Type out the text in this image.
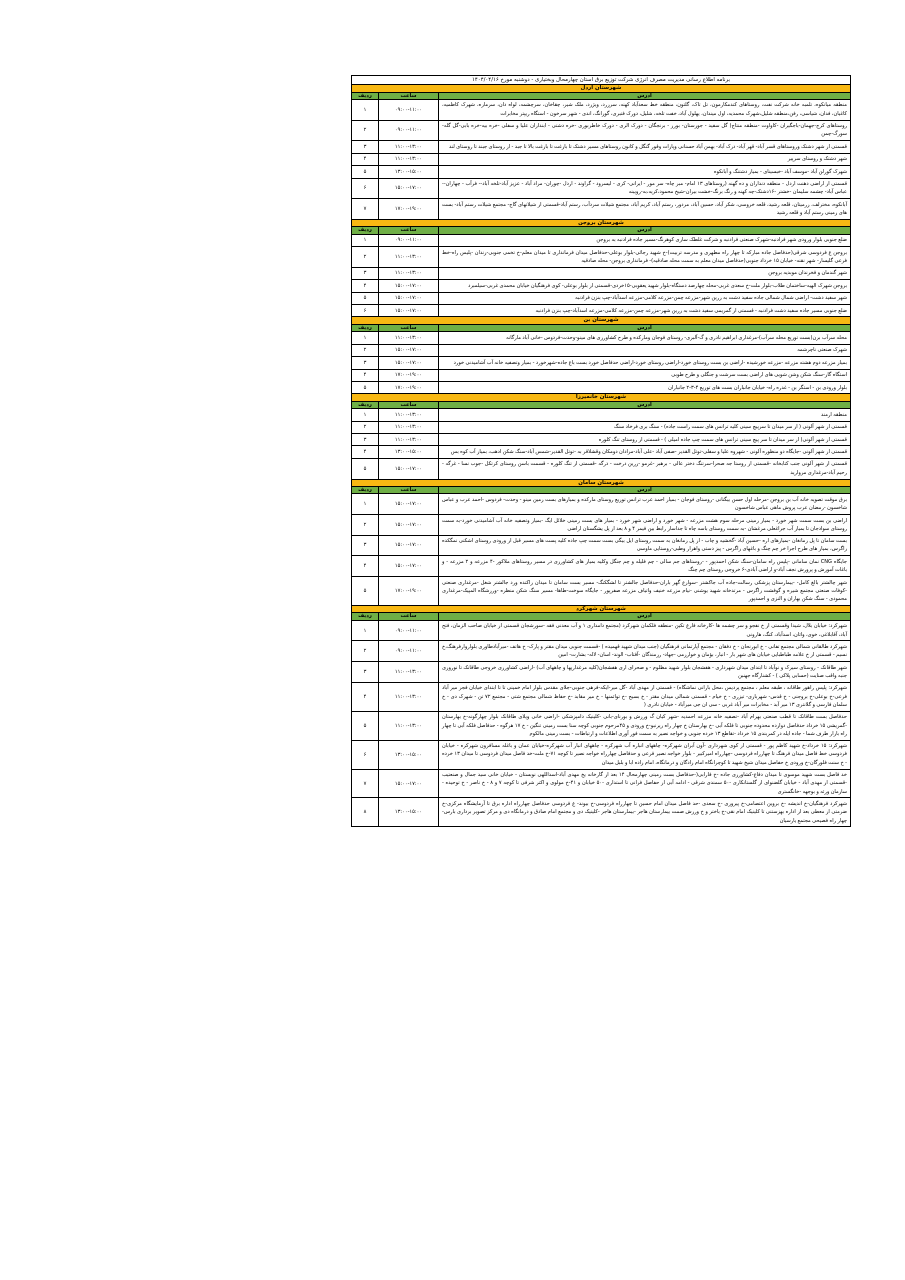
برنامه اطلاع رسانی مدیریت مصرف انرژی شرکت توزیع برق استان چهارمحال وبختیاری - دوشنبه مورخ ۱۴۰۴/۰۴/۱۶		
شهرستان اردل		
آدرس	ساعت	ردیف
منطقه میانکوه، تلمبه خانه شرکت نفت، روستاهای کندمکارمون، تل تاک، گلتون، منطقه خط سعدآباد کهنه، سرزرد، ویژزد، ملک شیر، چقاخان، سرچشمه، لواه دان، سرمازه، شهرک کاظمیه، کاغیان، فدان، شیاسی، رفن،منطقه شلیل،شهرک محمدیه، اول میندان، یهلول آباد، خفت تلخه، شلیل، دورک فتبری، گوزانگ، اندی - شهر سرخون - استگاه ریپتر مخابرات	۰۹:۰۰-۱۱:۰۰	۱
روستاهای کرج-جهمان-باجگیران -کاواوت -منطقه منتاج( گل سفید - جوزستان- بورز - برنجگان - دورک الری - دورک خاطربوری -خره دشتی - ابندازان علیا و سفلی -خره بیه-خره بابی-گل گله-سورگ-چمن	۰۹:۰۰-۱۱:۰۰	۲
قسمتی از شهر دشتک وروستاهای قسر آباد- قهر آباد- دزک آباد- بهمن آباد حسنانی وپازات وقور گنگل و کانون روستاهای مسیر دشتک تا بازغت تا بازغت بالا تا جبد - از روستای جبند تا روستای لند	۱۱:۰۰-۱۳:۰۰	۳
شهر دشتک و روستای سرپیر	۱۱:۰۰-۱۳:۰۰	۴
شهرک گورلن آباد -موسف آباد -خبسینای - بمیاز دشتنگ و آبانکوه	۱۳:۰۰-۱۵:۰۰	۵
قسمتی از اراضی دهنت اردل - منطقه دنداران و ده گهنه (روستاهای ۱۳ امام- مبر چاه- سر مور - ایرانی- کری - لیسرود - گراوند - اردل -چوران- مراد آباد - عزیز آباد-تلخه آباد-- فرآب - چهاران-- عباس آباد- چشمه سلیمان -خشتر -۱۶دشتک-چه کهنه و رنگ برنگ-خشت بیران-شیخ محمود،کریه،به-رویبنه	۱۵:۰۰-۱۷:۰۰	۶
آبانکوه، مخترلف، زرمیتان، قلعه رشید، قلعه خروسی، شکر آباد، حسین آباد، مردور، رستم آباد، کریم آباد، مجتمع شیلات سردآب، رستم آباد-قسمتی از شیلاتهای گاج- مجتمع شیلات رستم آباد- بست های زمینی رستم آباد و قلعه رشید	۱۷:۰۰-۱۹:۰۰	۷
شهرستان بروجن		
آدرس	ساعت	ردیف
ضلع جنوبی بلوار ورودی شهر فرادنبه-شهرک صنعتی فرادنبه و شرکت غلطک سازی کوهرنگ-مسیر جاده فرادنبه به بروجن	۰۹:۰۰-۱۱:۰۰	۱
بروجن غ فردوسی شرقی(حدفاصل جاده مبارکه تا چهار راه مطهری و مدرسه تربیت)-خ شهید رجائی-بلوار بوعلی-حدفاصل میدان فرمانداری تا میدان معلم-خ تخمی جنوبی-زندان -پلیس راه-خط فرعی گلیسار- شهر نقنه- خیابان ۱۵ خرداد جنوبی(حدفاصل میدان معلم به سمت محله صادقیه)- فرمانداری بروجن- محله صادقیه	۱۱:۰۰-۱۳:۰۰	۲
شهر گندمان و فخرندان موبدیه بروجن	۱۱:۰۰-۱۳:۰۰	۳
بروجن شهرک الهیه-ساختمان طلاب-بلوار ملت-خ سعدی غربی-محله چهارصد دستگاه-بلوار شهید یعقوبی-۱۵خردی-قسمتی از بلوار بوعلی- کوی فرهنگیان خیابان محمدی غربی-سیلمبرد	۱۵:۰۰-۱۷:۰۰	۴
شهر سفید دشت- اراضی شمال شمالی جاده سفید دشت به زرین شهر-مزرعه چمن-مزرعه کلامی-مزرعه اسدآباد-چپ بنزن فرادنبه	۱۵:۰۰-۱۷:۰۰	۵
ضلع جنوبی مسیر جاده سفید دشت فرادنبه - قسمتی از گمریمی سفید دشت به زرین شهر-مزرعه چمن-مزرعه کلامی-مزرعه اسدآباد-چپ بنزن فرادنبه	۱۵:۰۰-۱۷:۰۰	۶
شهرستان بن		
آدرس	ساعت	ردیف
محله سرآب برن(بست توزیع محله سرآب)-مرغداری ابراهیم نادری و گ-آلبری- روستای فوجان ومارکده و طرح کشاورزی های مینو-وحدت-فردوس -خانی آباد مارگانه	۱۱:۰۰-۱۳:۰۰	۱
شهرک صنعتی ناچرشمه	۱۵:۰۰-۱۷:۰۰	۲
بمیاز مزرعه دوم هشته مزرعه -مزرعه خورشیده -اراضی بن بست روستای خورد-اراضی روستای خورد-اراضی حدفاصل خورد بست باغ جاده-شهرخورد - بمیاز وتصفیه خانه آب آشامیدنی خورد	۱۵:۰۰-۱۷:۰۰	۳
استگاه گاز-سنگ شکن وشن شویی های اراضی بست سرشت و جنگلی و طرح طوبی	۱۷:۰۰-۱۹:۰۰	۴
بلوار ورودی بن - استگر بن - غدره راه- خیابان جانباران بست های توزیع ۴-۳-۲ جانباران	۱۷:۰۰-۱۹:۰۰	۵
شهرستان خانمیرزا		
آدرس	ساعت	ردیف
منطقه ارمند	۱۱:۰۰-۱۳:۰۰	۱
قسمتی از شهر آلونی ( از سر میدان تا سرپیچ سینی کلیه ترانس های سمت راست جاده) - سنگ بری فرخاد سنگ	۱۱:۰۰-۱۳:۰۰	۲
قسمتی از شهر آلونی( از سر میدان تا سر پیچ سینی ترانس های سمت چپ جاده امیلی ) - قسمتی از روستای تنگ کلوره	۱۱:۰۰-۱۳:۰۰	۳
قسمتی از شهر آلونی -جایگاه دو منظوره آلونی - شهروه علیا و سفلی-توتل القدیر -صفی آباد -علی آباد-مرادان دومکان وقشلاقر به -توتل القدیر-شمس آباد-سنگ شکن ادهب، بمیاز آب کوه بس	۱۳:۰۰-۱۵:۰۰	۴
قسمتی از شهر آلونی جنب کتابخانه -قسمتی از روستا جه صحرا-سرتنگ دختر عالی - برهبر -غرمو -زرین درخت - ذرگه -قسمتی از تنگ کلوره - قسمت باسن روستای کرتکل -جوب نسا - غرگه - رحیم آباد-مرغداری مروارید	۱۵:۰۰-۱۷:۰۰	۵
شهرستان سامان		
آدرس	ساعت	ردیف
برق موقت تصویه خانه آب بن بروجن -مرحله اول حسن بیگنانی -روستای فوجان - بمیاز احمد عرب ترانس توزیع روستای مارکده و بمیازهای بست زمین مینو - وحدت- فردوس -احمد عرب و عباس شاخسون -رمضان عرب پروش ماهی عباس شاخسون	۱۵:۰۰-۱۷:۰۰	۱
اراضی بن بست سمت شهر خورد - بمیاز زمینی مرحله سوم هشت مزرعه - شهر خورد و اراضی شهر خورد - بمیاز های بست زمینی خلائل ایگ -بمیاز وتصفیه خانه آب آشامیدنی خورد-به سمت روستای سوادجان تا بمیاز آب جراغعلی مرغشان -به سمت روستای باسه چاه تا جداساز رابط بین فیمر ۴ و ۸ بعد از پل یشگستان اراضی	۱۵:۰۰-۱۷:۰۰	۲
بست سامان تا پل زمانغان -بمیازهای اره -حسین آباد -گخشیه و چاب - از پل زمانغان به سمت روستای ایل بیگی بست سمت چپ جاده کلیه پست های مسیر قبل از ورودی روستای اشکنی نمگکده زاگرس، بمیاز های طرح اجرا خر چم چنگ و باغهای زاگرس - پیز دستی واهرار وطبی-روستایی ماوسی	۱۵:۰۰-۱۷:۰۰	۳
جایگاه CNG نمان سامانی -پلیس راه سامان-سنگ شکن احمدپور - -روستاهای جم سالی - چم فلیله و چم جنگل وکلیه بمیاز های کشاورزی در مسیر روستاهای ملاکور -۴ مزرعه و ۲ مزرعه - و باغات آموزش و پرورش نجف آباد-و اراضی آبادی-۶ خروجی روستای چم چنگ	۱۵:۰۰-۱۷:۰۰	۴
شهر چالشتر بالغ کامل- -بیمارستان پزشکی رسالت-جاده آب جاکشتر -سوازع گهر باران-حدفاصل جالشتر تا لشگکنگ- مسیر بست سامان تا میدان زاکنده ورد جالشتر شغل -مرغداری صنعتی -کوفات صنعتی مجتمع شیره و گوفشت زاگرس - مرتدخانه شهید یوشنی -نیام مزرعه خنیف واتیاف مزرعه صفرپور - جایگاه سوخت-طاها- مسیر سنگ شکن منظره -ورزشگاه المپیک-مرغداری محمودی - سنگ شکن بهاران و النزی و احمدپور	۱۷:۰۰-۱۹:۰۰	۵
شهرستان شهرکرد		
آدرس	ساعت	ردیف
شهرکرد: خیابان بلال، شیدا وقسمتی از خ نفجو و سر چشمه ها -کارخانه فارغ تکین -منطقه فلکمان شهرکرد (مجتمع دامداری ۱ و آب معدنی فقه -سورشجان قسمتی از خیابان صاحب الزمان، فتح آباد، آقابلاغی، خوی، واثان، اسدآباد، کنگ، هارونی	۰۹:۰۰-۱۱:۰۰	۱
شهرکرد طالقانی شمالی مجتمع تفانی - خ ابورنحان - خ دفقان - مجتمع آپارتمانی فرهنگیان (جنب میدان شهید قهمیده ) -قسمت جنوبی میدان مقتر و پارک- خ هاتف -میرآبادطاوری بلواروارفرهنگ،خ نسیم - قسمتی از خ علامه طباطبایی خیابان های شهر بار - انبار، بؤمان و خوارزمی -جهاد- رزمندگان -آفتاب- الوند- اسان- لاله- بشارت- امین	۰۹:۰۰-۱۱:۰۰	۲
شهر طاقانک - روستای سیرک و نوآباد تا ابتدای میدان شهرداری - هفشجان بلوار شهید مظلوم - و صحرای اری هفشجان(کلیه مرغدارپها و چاههای آب) -اراضی کشاورزی خروجی طاقانک تا نوروزی جنبه واقب صنایت (حسابی پلاکی ) - کشنارگاه جهنبن	۱۱:۰۰-۱۳:۰۰	۳
شهرکرد: پلیس راهور طاقانه ، طبقه معلم ، مجتمع پردیس ،محل بارانی نماشگاه) - قسمتی از مهدی آباد -گل میر-ایکه-فرهی جنوبی-جلای مقدس بلوار امام خمینی تا تا ابتدای خیابان فجر میر آباد فرعی-خ بوعلی-خ بروجنی - خ قدس- شهربازی- تیزری - خ خیام - قسمتی شمالی میدان مقتر - خ بسیج -خ تواثمنها - خ میر مقابد -خ حفاظ شمالی مجتمع شتی - مجتمع ۷۲ تن - شهرک دی - خ سلمان فارسی و گلانتری ۱۳ میر آبد - مخابرات میر آباد غربی - سی ان جی میرآباد - خیابان نادری (	۱۱:۰۰-۱۳:۰۰	۴
حدفاصل بست طاقانک تا قطب صنعتی بهرام آباد -تصفیه خانه مزرعه احمدیه -شهر کیان گ ورزش و بورنای-بانی -کلینیک دامپزشکی -اراضی خانی ویلای طاقانک بلوار چهارگونه-خ بهارستان -گمریشی ۱۵ خرداد حدفاصل دوازده محدوده جنوبی تا فلکه آبی -خ بهارستان خ چهار راه زیرنبو-خ ورودی و ۴۵مرحوم جنوبی کوچه سنا بست زمینی تنگین - خ ۱۷ هرگوه - حدفاصل فلکه آبی تا چهار راه بازار طرف شما - جاده ایله در کمربندی ۱۵ خرداد -تقاطع ۱۳ خرده جنوبی و خواجه نصیر به سمت فور آوری اطلاعات و ارتباطات - بست زمینی مالکوم	۱۱:۰۰-۱۳:۰۰	۵
شهرکرد: ۱۵ خرداد-خ شهید کاظم پور - قسمتی از کوی شهرداری -آون آبران شهرکره- چاههای انباره آب شهرکره - چاههای انبار آب شهرکره-خیابان عمان و باغله مسافرون شهرکره - خیابان فردوسی خط فاصل میدان فرهنگ تا چهارراه فردوسی -چهارراه امیرکبیر - بلوار خواجه نصیر فرعی و حدفاصل چهارراه خواجه نصیر تا کوچه ۷۱-خ ملت-خد فاصل میدان فردوسی تا میدان ۱۳ خرده - خ سنت فلورگان-خ ورودی خ حفاصل میدان شیخ شهید تا کوچرانگاه امام زادگان و درمانگاه، امام زاده ابا و بلبل میدان	۱۳:۰۰-۱۵:۰۰	۶
خد فاصل بست شهید موسوی تا میدان دفاع-کشاورزی جاده -خ فارابی(-حدفاصل بست زمینی چهارمحال ۱۴ بعد از گارخانه یخ مهدی آباد-اسداللهی نوبستان - خیابان خانی سید جمال و صنعتیب -قسمتی از مهدی آباد - خیابان گلضنوای از گلستانکاری -۵۰ سمندی شرقی - ادامه آبی از حفاصل فرانی تا استداری -۵۰ خیابان و ۴۱-خ مولوی و اکتر شرفی تا کوچه ۷ و ۸ - خ ناصر - خ توحیده - سازمان ورثه و بوجهه -خانگستری	۱۵:۰۰-۱۷:۰۰	۷
شهرکرد فرهنگیان-خ اندیشه -خ بروین اعتصامی-خ پیروزی -خ سعدی -حد فاصل میدان امام حسین تا چهارراه فردوسی-خ بیوند- غ فردوسی حدفاصل چهارراه اداره برق تا آزمایشگاه مرکزی-خ ضرمتی از معطی بعد از اداره بهزستنی تا کلینیک امام نقی-خ باختر و خ ورزش صمت بیمارستان هاجر -بیمارستان هاجر -کلینیک دی و مجتمع امام صادق و درمانگاه دی و مرکز تصویر برداری بارس-چهار راه فصیحی مجتمع یارسیان	۱۳:۰۰-۱۵:۰۰	۸
